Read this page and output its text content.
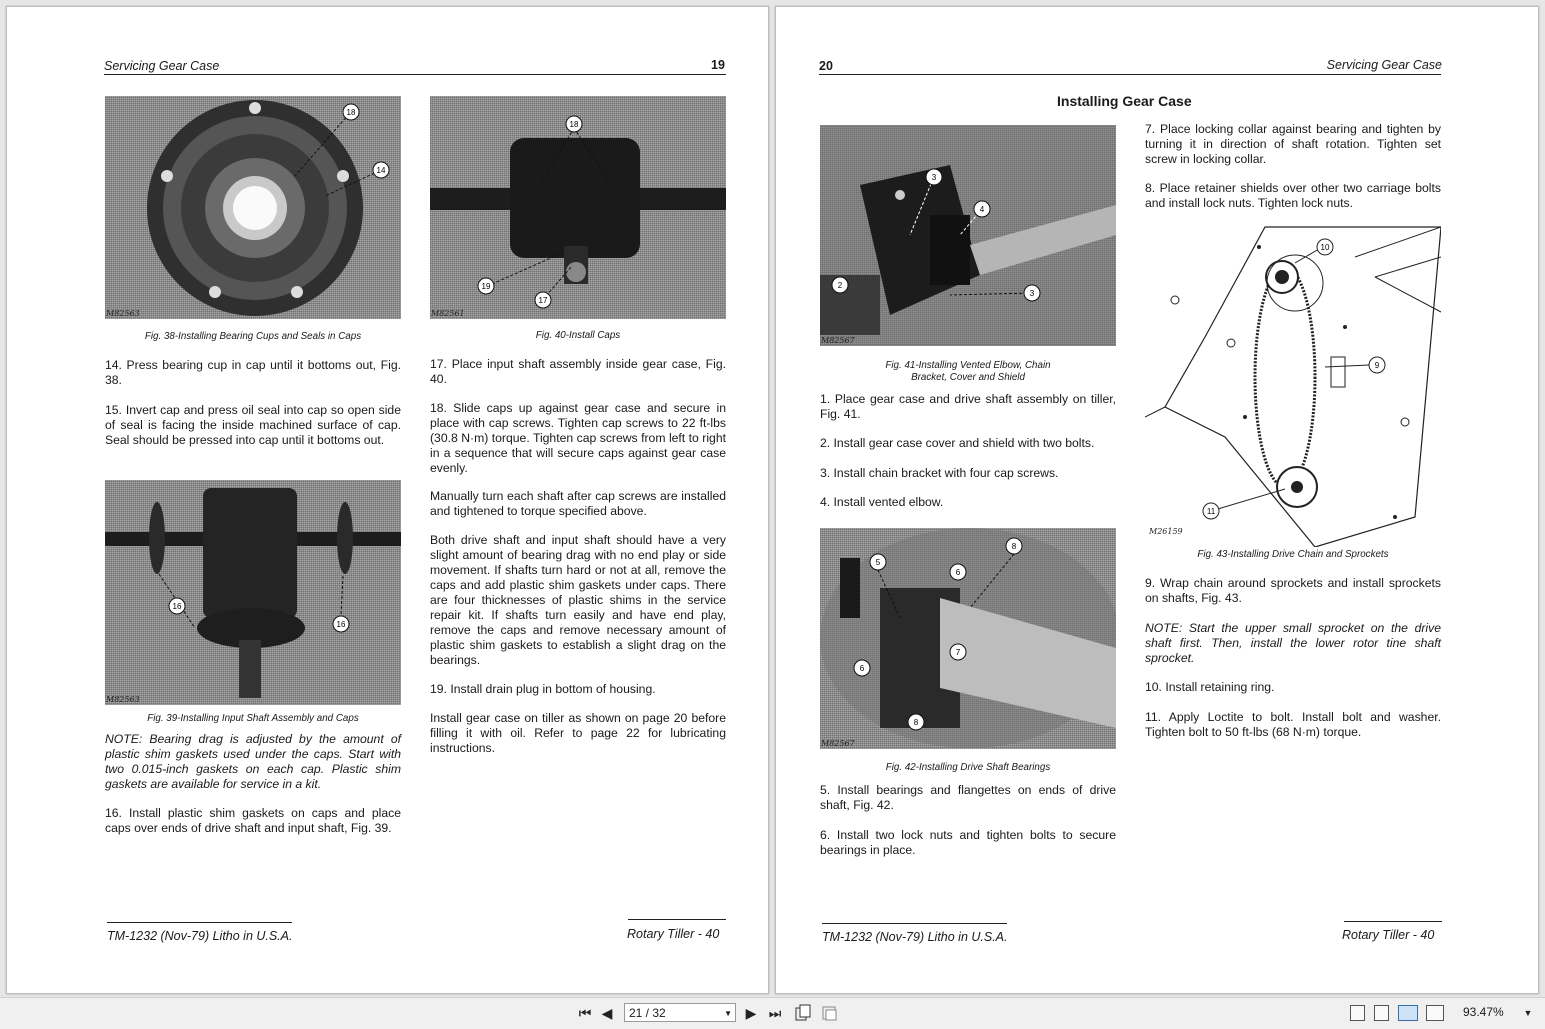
Servicing Gear Case	19
18
14
M82563
Fig. 38-Installing Bearing Cups and Seals in Caps
18
19
17
M82561
Fig. 40-Install Caps
14. Press bearing cup in cap until it bottoms out, Fig. 38.
15. Invert cap and press oil seal into cap so open side of seal is facing the inside machined surface of cap. Seal should be pressed into cap until it bottoms out.
16
16
M82563
Fig. 39-Installing Input Shaft Assembly and Caps
NOTE: Bearing drag is adjusted by the amount of plastic shim gaskets used under the caps. Start with two 0.015-inch gaskets on each cap. Plastic shim gaskets are available for service in a kit.
16. Install plastic shim gaskets on caps and place caps over ends of drive shaft and input shaft, Fig. 39.
17. Place input shaft assembly inside gear case, Fig. 40.
18. Slide caps up against gear case and secure in place with cap screws. Tighten cap screws to 22 ft-lbs (30.8 N·m) torque. Tighten cap screws from left to right in a sequence that will secure caps against gear case evenly.
Manually turn each shaft after cap screws are installed and tightened to torque specified above.
Both drive shaft and input shaft should have a very slight amount of bearing drag with no end play or side movement. If shafts turn hard or not at all, remove the caps and add plastic shim gaskets under caps. There are four thicknesses of plastic shims in the service repair kit. If shafts turn easily and have end play, remove the caps and remove necessary amount of plastic shim gaskets to establish a slight drag on the bearings.
19. Install drain plug in bottom of housing.
Install gear case on tiller as shown on page 20 before filling it with oil. Refer to page 22 for lubricating instructions.
TM-1232 (Nov-79) Litho in U.S.A.	Rotary Tiller - 40
20	Servicing Gear Case
Installing Gear Case
3
4
2
3
M82567
Fig. 41-Installing Vented Elbow, Chain
Bracket, Cover and Shield
1. Place gear case and drive shaft assembly on tiller, Fig. 41.
2. Install gear case cover and shield with two bolts.
3. Install chain bracket with four cap screws.
4. Install vented elbow.
5
6
8
6
7
8
M82567
Fig. 42-Installing Drive Shaft Bearings
5. Install bearings and flangettes on ends of drive shaft, Fig. 42.
6. Install two lock nuts and tighten bolts to secure bearings in place.
7. Place locking collar against bearing and tighten by turning it in direction of shaft rotation. Tighten set screw in locking collar.
8. Place retainer shields over other two carriage bolts and install lock nuts. Tighten lock nuts.
10
9
11
M26159
Fig. 43-Installing Drive Chain and Sprockets
9. Wrap chain around sprockets and install sprockets on shafts, Fig. 43.
NOTE: Start the upper small sprocket on the drive shaft first. Then, install the lower rotor tine shaft sprocket.
10. Install retaining ring.
11. Apply Loctite to bolt. Install bolt and washer. Tighten bolt to 50 ft-lbs (68 N·m) torque.
TM-1232 (Nov-79) Litho in U.S.A.	Rotary Tiller - 40
⏮ ◀	21 / 32	▼ ▶ ⏭	93.47% ▼
